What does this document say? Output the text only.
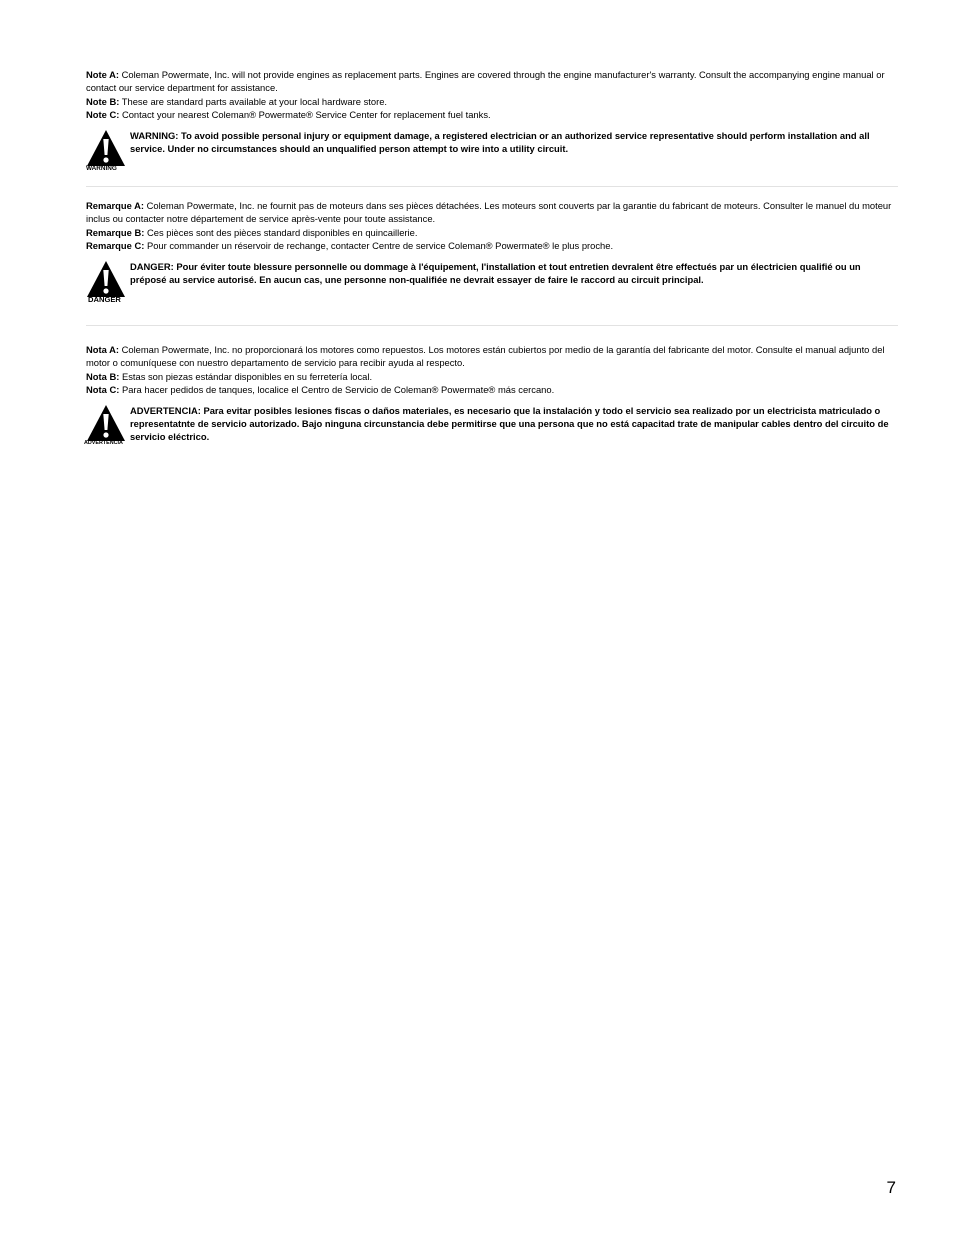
Note A: Coleman Powermate, Inc. will not provide engines as replacement parts. Engines are covered through the engine manufacturer's warranty. Consult the accompanying engine manual or contact our service department for assistance.

Note B: These are standard parts available at your local hardware store.

Note C: Contact your nearest Coleman® Powermate® Service Center for replacement fuel tanks.

WARNING
WARNING: To avoid possible personal injury or equipment damage, a registered electrician or an authorized service representative should perform installation and all service. Under no circumstances should an unqualified person attempt to wire into a utility circuit.

Remarque A: Coleman Powermate, Inc. ne fournit pas de moteurs dans ses pièces détachées. Les moteurs sont couverts par la garantie du fabricant de moteurs. Consulter le manuel du moteur inclus ou contacter notre département de service après-vente pour toute assistance.

Remarque B: Ces pièces sont des pièces standard disponibles en quincaillerie.

Remarque C: Pour commander un réservoir de rechange, contacter Centre de service Coleman® Powermate® le plus proche.

DANGER
DANGER: Pour éviter toute blessure personnelle ou dommage à l'équipement, l'installation et tout entretien devralent être effectués par un électricien qualifié ou un préposé au service autorisé. En aucun cas, une personne non-qualifiée ne devrait essayer de faire le raccord au circuit principal.

Nota A: Coleman Powermate, Inc. no proporcionará los motores como repuestos. Los motores están cubiertos por medio de la garantía del fabricante del motor. Consulte el manual adjunto del motor o comuníquese con nuestro departamento de servicio para recibir ayuda al respecto.

Nota B: Estas son piezas estándar disponibles en su ferretería local.

Nota C: Para hacer pedidos de tanques, localice el Centro de Servicio de Coleman® Powermate® más cercano.

ADVERTENCIA
ADVERTENCIA: Para evitar posibles lesiones fiscas o daños materiales, es necesario que la instalación y todo el servicio sea realizado por un electricista matriculado o representatnte de servicio autorizado. Bajo ninguna circunstancia debe permitirse que una persona que no está capacitad trate de manipular cables dentro del circuito de servicio eléctrico.
7
